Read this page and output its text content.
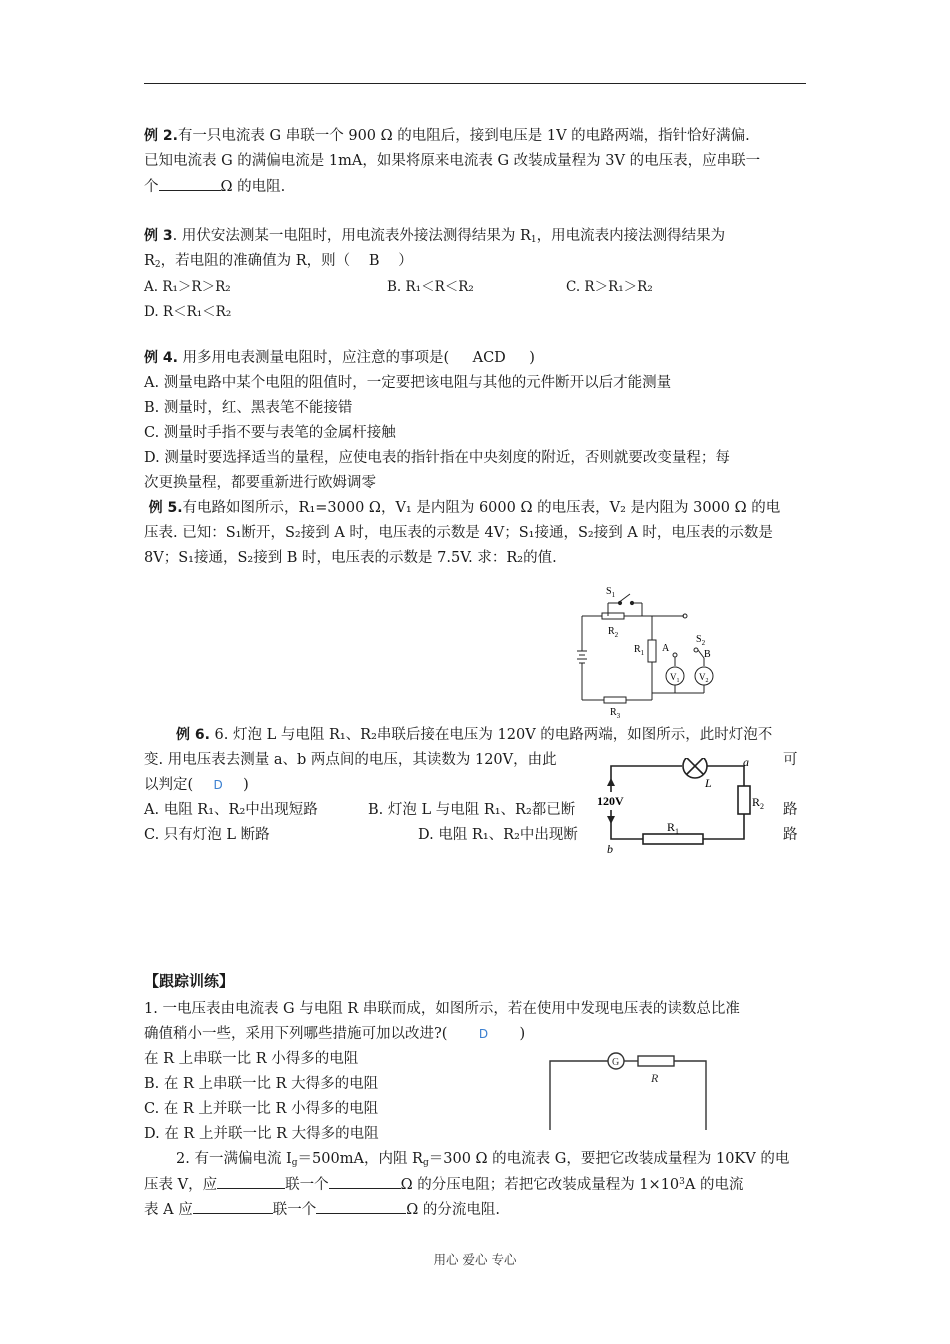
例 2.有一只电流表 G 串联一个 900 Ω 的电阻后，接到电压是 1V 的电路两端，指针恰好满偏.

已知电流表 G 的满偏电流是 1mA，如果将原来电流表 G 改装成量程为 3V 的电压表，应串联一

个	Ω 的电阻.

例 3. 用伏安法测某一电阻时，用电流表外接法测得结果为 $R_1$，用电流表内接法测得结果为

$R_2$，若电阻的准确值为 R，则（ B ）

A. R₁＞R＞R₂	B. R₁＜R＜R₂	C. R＞R₁＞R₂
D. R＜R₁＜R₂

例 4. 用多用电表测量电阻时，应注意的事项是( ACD )

A. 测量电路中某个电阻的阻值时，一定要把该电阻与其他的元件断开以后才能测量

B. 测量时，红、黑表笔不能接错

C. 测量时手指不要与表笔的金属杆接触

D. 测量时要选择适当的量程，应使电表的指针指在中央刻度的附近，否则就要改变量程；每

次更换量程，都要重新进行欧姆调零

例 5.有电路如图所示，R₁=3000 Ω，V₁ 是内阻为 6000 Ω 的电压表，V₂ 是内阻为 3000 Ω 的电

压表. 已知：S₁断开，S₂接到 A 时，电压表的示数是 4V；S₁接通，S₂接到 A 时，电压表的示数是

8V；S₁接通，S₂接到 B 时，电压表的示数是 7.5V. 求：R₂的值.

$S_1$
$R_2$
$R_1$ A
$S_2$
B
$V_1$ $V_2$
$R_3$
例 6. 6. 灯泡 L 与电阻 R₁、R₂串联后接在电压为 120V 的电路两端，如图所示，此时灯泡不
变. 用电压表去测量 a、b 两点间的电压，其读数为 120V，由此	可
以判定( D )
A. 电阻 R₁、R₂中出现短路	B. 灯泡 L 与电阻 R₁、R₂都已断	路
C. 只有灯泡 L 断路	D. 电阻 R₁、R₂中出现断	路
120V
a
b
L
$R_2$
$R_1$
【跟踪训练】
1. 一电压表由电流表 G 与电阻 R 串联而成，如图所示，若在使用中发现电压表的读数总比准
确值稍小一些，采用下列哪些措施可加以改进?(	D )
在 R 上串联一比 R 小得多的电阻
B. 在 R 上串联一比 R 大得多的电阻
C. 在 R 上并联一比 R 小得多的电阻
D. 在 R 上并联一比 R 大得多的电阻
G
R
2. 有一满偏电流 $I_g=500mA$，内阻 $R_g=300$ Ω 的电流表 G，要把它改装成量程为 10KV 的电
压表 V，应	联一个	Ω 的分压电阻；若把它改装成量程为 $1\times 10^3A$ 的电流
表 A 应	联一个	Ω 的分流电阻.
用心 爱心 专心
